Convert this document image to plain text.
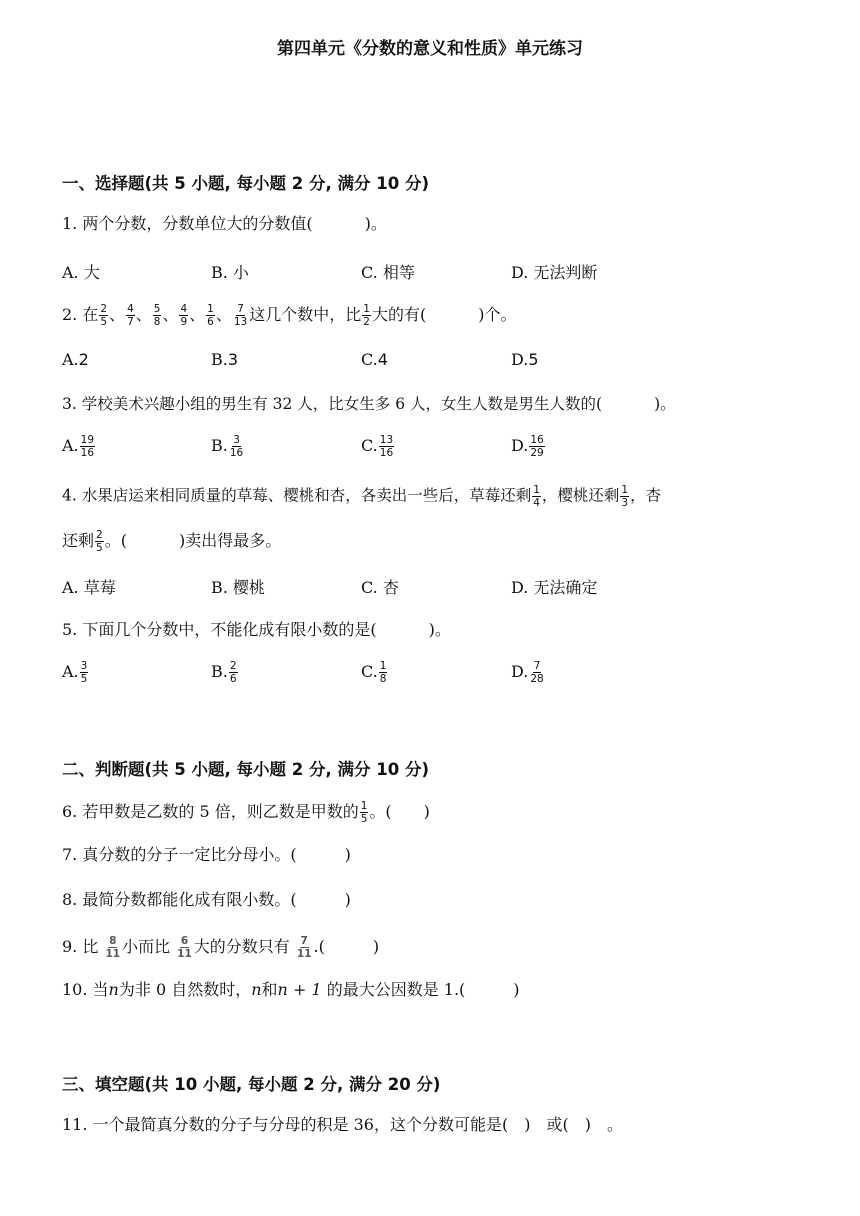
第四单元《分数的意义和性质》单元练习
一、选择题(共 5 小题, 每小题 2 分, 满分 10 分)
1. 两个分数，分数单位大的分数值(	)。
A. 大	B. 小	C. 相等	D. 无法判断
2. 在 $\frac{2}{5}$ 、 $\frac{4}{7}$ 、 $\frac{5}{8}$ 、 $\frac{4}{9}$ 、 $\frac{1}{6}$ 、 $\frac{7}{13}$ 这几个数中，比 $\frac{1}{2}$ 大的有(	)个。
A.2	B.3	C.4	D.5
3. 学校美术兴趣小组的男生有 32 人，比女生多 6 人，女生人数是男生人数的(	)。
A. $\frac{19}{16}$	B. $\frac{3}{16}$	C. $\frac{13}{16}$	D. $\frac{16}{29}$
4. 水果店运来相同质量的草莓、樱桃和杏，各卖出一些后，草莓还剩 $\frac{1}{4}$ ，樱桃还剩 $\frac{1}{3}$ ，杏
还剩 $\frac{2}{5}$ 。(	)卖出得最多。
A. 草莓	B. 樱桃	C. 杏	D. 无法确定
5. 下面几个分数中，不能化成有限小数的是(	)。
A. $\frac{3}{5}$	B. $\frac{2}{6}$	C. $\frac{1}{8}$	D. $\frac{7}{28}$
二、判断题(共 5 小题, 每小题 2 分, 满分 10 分)
6. 若甲数是乙数的 5 倍，则乙数是甲数的 $\frac{1}{5}$ 。(　　)
7. 真分数的分子一定比分母小。(　　　)
8. 最简分数都能化成有限小数。(　　　)
9. 比 $\frac{8}{11}$ 小而比 $\frac{6}{11}$ 大的分数只有 $\frac{7}{11}$ .(　　　)
10. 当n为非 0 自然数时，n和n + 1 的最大公因数是 1.(　　　)
三、填空题(共 10 小题, 每小题 2 分, 满分 20 分)
11. 一个最简真分数的分子与分母的积是 36，这个分数可能是(　)　或(　)　。
